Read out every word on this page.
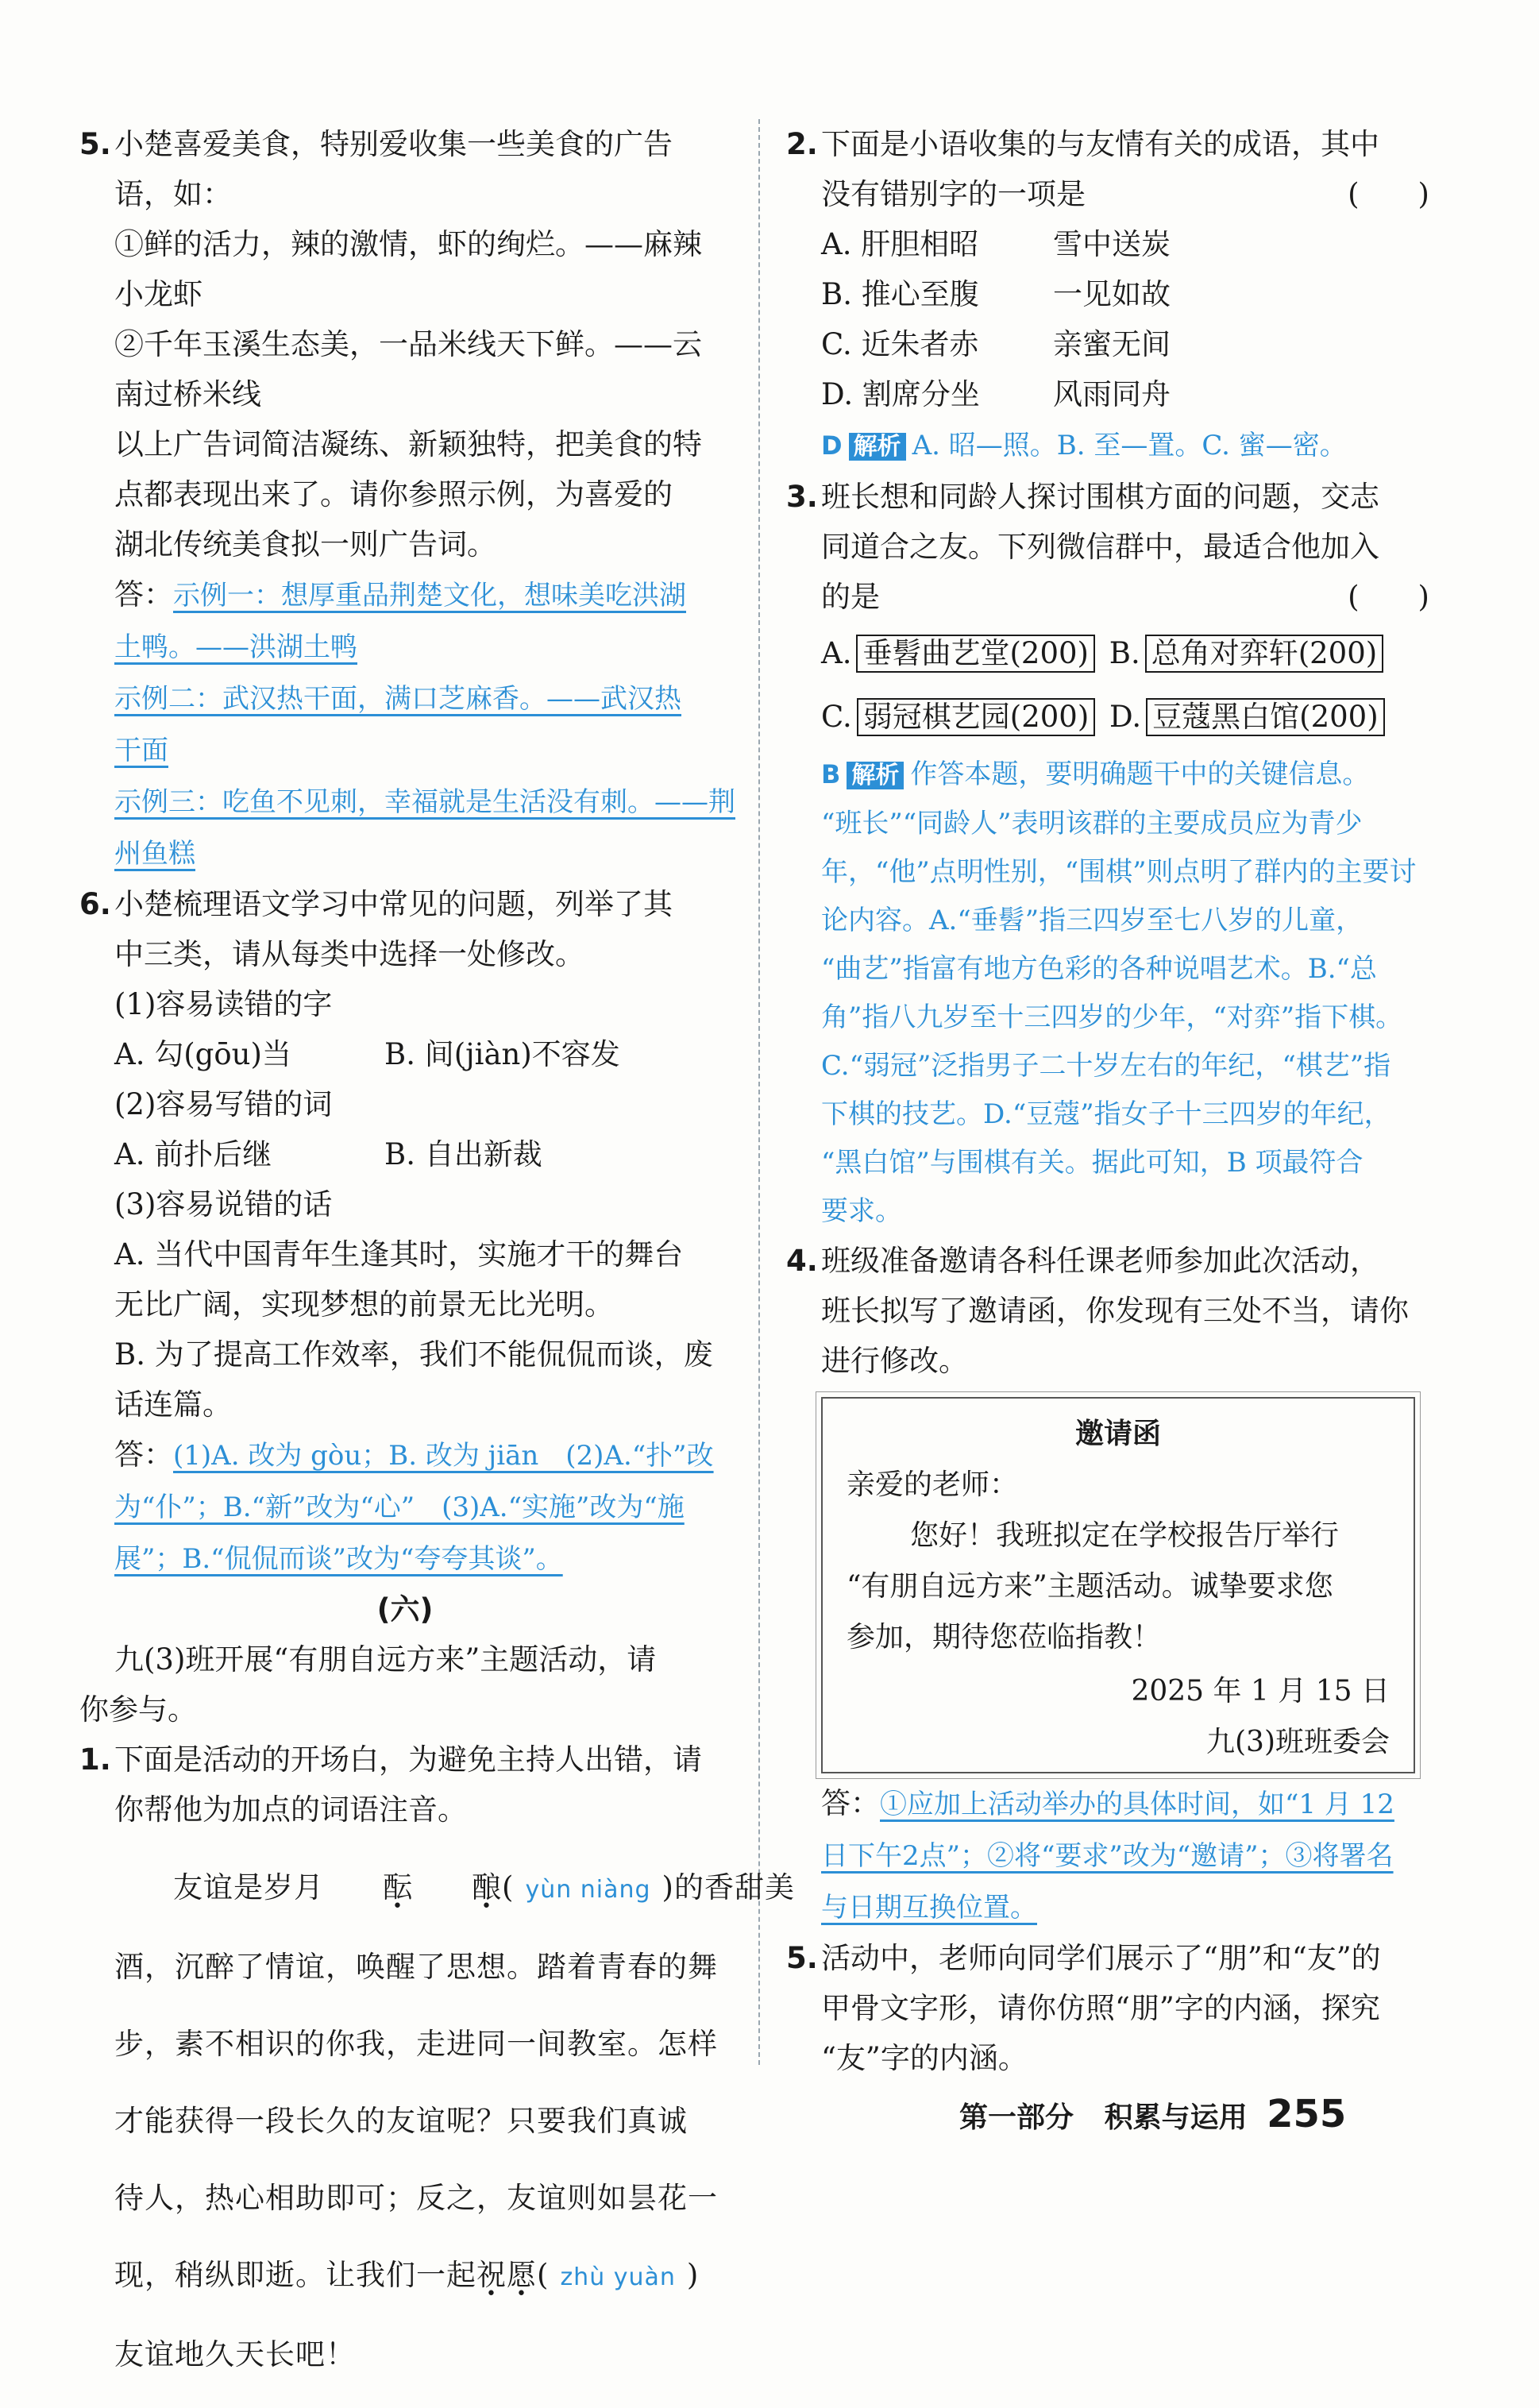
5. 小楚喜爱美食，特别爱收集一些美食的广告

语，如：

①鲜的活力，辣的激情，虾的绚烂。——麻辣

小龙虾

②千年玉溪生态美，一品米线天下鲜。——云

南过桥米线

以上广告词简洁凝练、新颖独特，把美食的特

点都表现出来了。请你参照示例，为喜爱的

湖北传统美食拟一则广告词。

答：示例一：想厚重品荆楚文化，想味美吃洪湖

土鸭。——洪湖土鸭

示例二：武汉热干面，满口芝麻香。——武汉热

干面

示例三：吃鱼不见刺，幸福就是生活没有刺。——荆

州鱼糕

6. 小楚梳理语文学习中常见的问题，列举了其

中三类，请从每类中选择一处修改。

(1)容易读错的字

A. 勾(gōu)当	B. 间(jiàn)不容发

(2)容易写错的词

A. 前扑后继	B. 自出新裁

(3)容易说错的话

A. 当代中国青年生逢其时，实施才干的舞台

无比广阔，实现梦想的前景无比光明。

B. 为了提高工作效率，我们不能侃侃而谈，废

话连篇。

答：(1)A. 改为 gòu；B. 改为 jiān　(2)A.“扑”改

为“仆”；B.“新”改为“心”　(3)A.“实施”改为“施

展”；B.“侃侃而谈”改为“夸夸其谈”。

(六)

九(3)班开展“有朋自远方来”主题活动，请

你参与。

1. 下面是活动的开场白，为避免主持人出错，请

你帮他为加点的词语注音。

友谊是岁月 酝 酿( yùn niàng )的香甜美

酒，沉醉了情谊，唤醒了思想。踏着青春的舞

步，素不相识的你我，走进同一间教室。怎样

才能获得一段长久的友谊呢？只要我们真诚

待人，热心相助即可；反之，友谊则如昙花一

现，稍纵即逝。让我们一起祝愿( zhù yuàn )

友谊地久天长吧！

2. 下面是小语收集的与友情有关的成语，其中

没有错别字的一项是	(　　)

A. 肝胆相昭	雪中送炭

B. 推心至腹	一见如故

C. 近朱者赤	亲蜜无间

D. 割席分坐	风雨同舟

D 解析 A. 昭—照。B. 至—置。C. 蜜—密。

3. 班长想和同龄人探讨围棋方面的问题，交志

同道合之友。下列微信群中，最适合他加入

的是	(　　)

A. 垂髫曲艺堂(200) B. 总角对弈轩(200)
C. 弱冠棋艺园(200) D. 豆蔻黑白馆(200)

B 解析 作答本题，要明确题干中的关键信息。

“班长”“同龄人”表明该群的主要成员应为青少

年，“他”点明性别，“围棋”则点明了群内的主要讨

论内容。A.“垂髫”指三四岁至七八岁的儿童，

“曲艺”指富有地方色彩的各种说唱艺术。B.“总

角”指八九岁至十三四岁的少年，“对弈”指下棋。

C.“弱冠”泛指男子二十岁左右的年纪，“棋艺”指

下棋的技艺。D.“豆蔻”指女子十三四岁的年纪，

“黑白馆”与围棋有关。据此可知，B 项最符合

要求。

4. 班级准备邀请各科任课老师参加此次活动，

班长拟写了邀请函，你发现有三处不当，请你

进行修改。

邀请函
亲爱的老师：
您好！我班拟定在学校报告厅举行
“有朋自远方来”主题活动。诚挚要求您
参加，期待您莅临指教！
2025 年 1 月 15 日
九(3)班班委会

答：①应加上活动举办的具体时间，如“1 月 12

日下午2点”；②将“要求”改为“邀请”；③将署名

与日期互换位置。

5. 活动中，老师向同学们展示了“朋”和“友”的

甲骨文字形，请你仿照“朋”字的内涵，探究

“友”字的内涵。

第一部分 积累与运用 255
